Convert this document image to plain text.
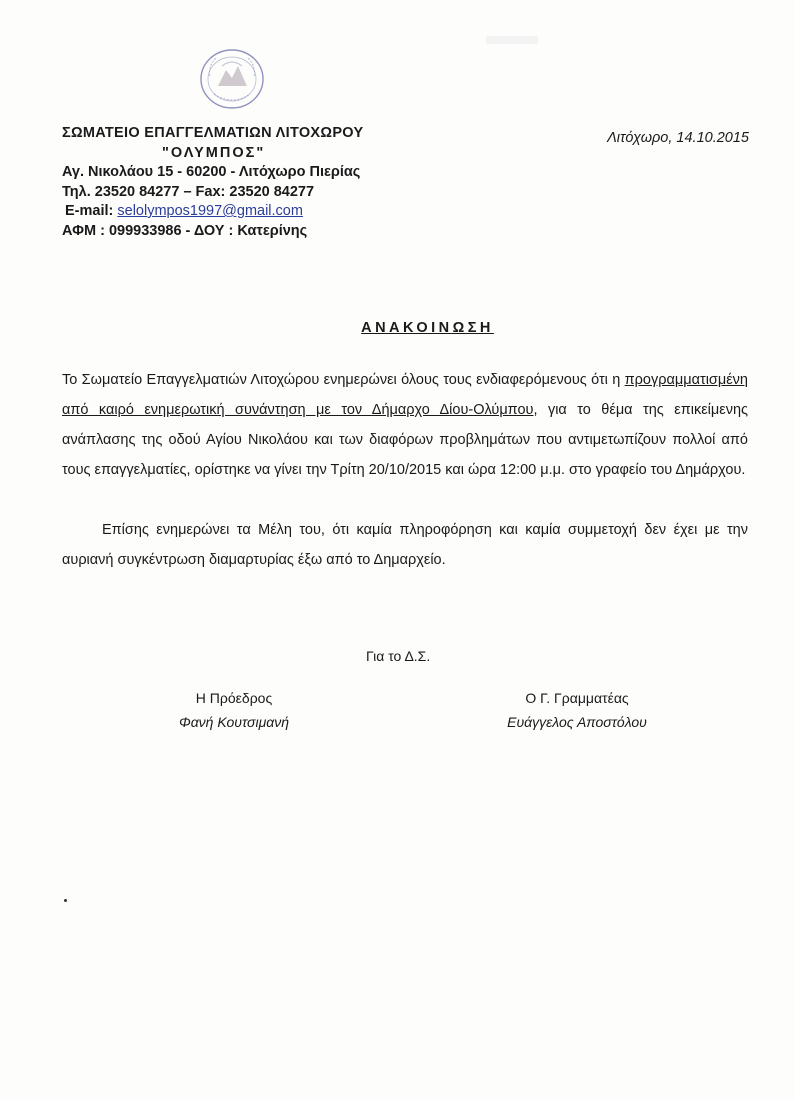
ΣΩΜΑΤΕΙΟ ΕΠΑΓΓΕΛΜΑΤΙΩΝ ΛΙΤΟΧΩΡΟΥ
"ΟΛΥΜΠΟΣ"
Αγ. Νικολάου 15 - 60200 - Λιτόχωρο Πιερίας
Τηλ. 23520 84277 – Fax: 23520 84277
E-mail: selolympos1997@gmail.com
ΑΦΜ : 099933986 - ΔΟΥ : Κατερίνης
Λιτόχωρο, 14.10.2015
ΑΝΑΚΟΙΝΩΣΗ
Το Σωματείο Επαγγελματιών Λιτοχώρου ενημερώνει όλους τους ενδιαφερόμενους ότι η προγραμματισμένη από καιρό ενημερωτική συνάντηση με τον Δήμαρχο Δίου-Ολύμπου, για το θέμα της επικείμενης ανάπλασης της οδού Αγίου Νικολάου και των διαφόρων προβλημάτων που αντιμετωπίζουν πολλοί από τους επαγγελματίες, ορίστηκε να γίνει την Τρίτη 20/10/2015 και ώρα 12:00 μ.μ. στο γραφείο του Δημάρχου.
Επίσης ενημερώνει τα Μέλη του, ότι καμία πληροφόρηση και καμία συμμετοχή δεν έχει με την αυριανή συγκέντρωση διαμαρτυρίας έξω από το Δημαρχείο.
Για το Δ.Σ.
Η Πρόεδρος
Φανή Κουτσιμανή
Ο Γ. Γραμματέας
Ευάγγελος Αποστόλου
